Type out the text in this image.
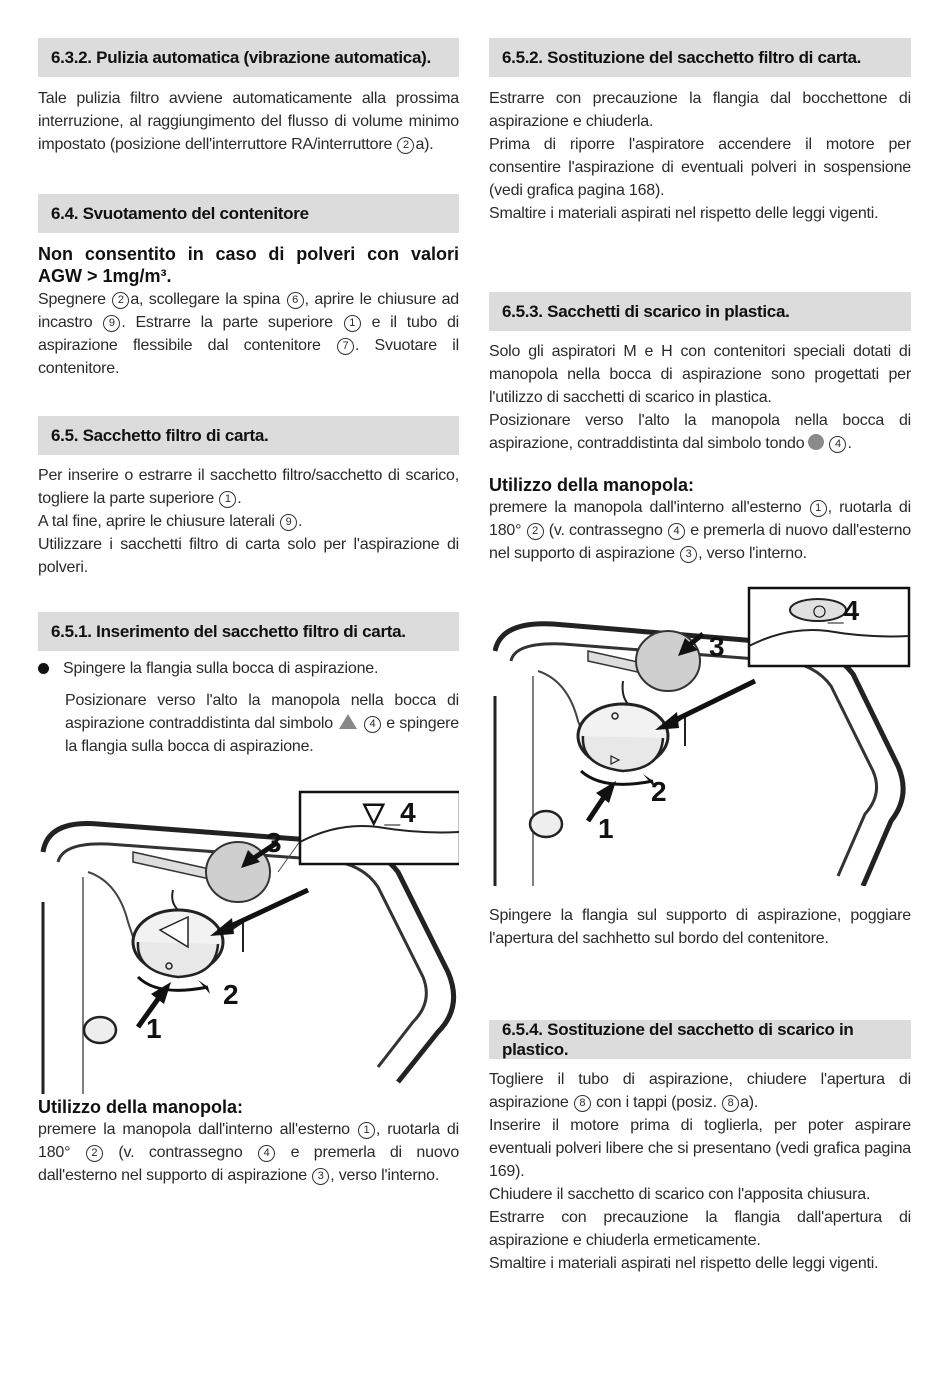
6.3.2. Pulizia automatica (vibrazione automatica).
Tale pulizia filtro avviene automaticamente alla prossima interruzione, al raggiungimento del flusso di volume minimo impostato (posizione dell'interruttore RA/interruttore 2 a).
6.4. Svuotamento del contenitore
Non consentito in caso di polveri con valori AGW > 1mg/m³.
Spegnere 2 a, scollegare la spina 6 , aprire le chiusure ad incastro 9 . Estrarre la parte superiore 1 e il tubo di aspirazione flessibile dal contenitore 7 . Svuotare il contenitore.
6.5. Sacchetto filtro di carta.

Per inserire o estrarre il sacchetto filtro/sacchetto di scarico, togliere la parte superiore 1 .

A tal fine, aprire le chiusure laterali 9 .

Utilizzare i sacchetti filtro di carta solo per l'aspirazione di polveri.

6.5.1. Inserimento del sacchetto filtro di carta.
Spingere la flangia sulla bocca di aspirazione.
Posizionare verso l'alto la manopola nella bocca di aspirazione contraddistinta dal simbolo	4 e spingere la flangia sulla bocca di aspirazione.
3
2
1
▽_4
Utilizzo della manopola:
premere la manopola dall'interno all'esterno 1 , ruotarla di 180° 2 (v. contrassegno 4 e premerla di nuovo dall'esterno nel supporto di aspirazione 3 , verso l'interno.
6.5.2. Sostituzione del sacchetto filtro di carta.

Estrarre con precauzione la flangia dal bocchettone di aspirazione e chiuderla.

Prima di riporre l'aspiratore accendere il motore per consentire l'aspirazione di eventuali polveri in sospensione (vedi grafica pagina 168).

Smaltire i materiali aspirati nel rispetto delle leggi vigenti.

6.5.3. Sacchetti di scarico in plastica.

Solo gli aspiratori M e H con contenitori speciali dotati di manopola nella bocca di aspirazione sono progettati per l'utilizzo di sacchetti di scarico in plastica.

Posizionare verso l'alto la manopola nella bocca di aspirazione, contraddistinta dal simbolo tondo	4 .

Utilizzo della manopola:
premere la manopola dall'interno all'esterno 1 , ruotarla di 180° 2 (v. contrassegno 4 e premerla di nuovo dall'esterno nel supporto di aspirazione 3 , verso l'interno.
3
2
1
○_4
Spingere la flangia sul supporto di aspirazione, poggiare l'apertura del sachhetto sul bordo del contenitore.
6.5.4. Sostituzione del sacchetto di scarico in plastico.

Togliere il tubo di aspirazione, chiudere l'apertura di aspirazione 8 con i tappi (posiz. 8 a).

Inserire il motore prima di toglierla, per poter aspirare eventuali polveri libere che si presentano (vedi grafica pagina 169).

Chiudere il sacchetto di scarico con l'apposita chiusura.

Estrarre con precauzione la flangia dall'apertura di aspirazione e chiuderla ermeticamente.

Smaltire i materiali aspirati nel rispetto delle leggi vigenti.
